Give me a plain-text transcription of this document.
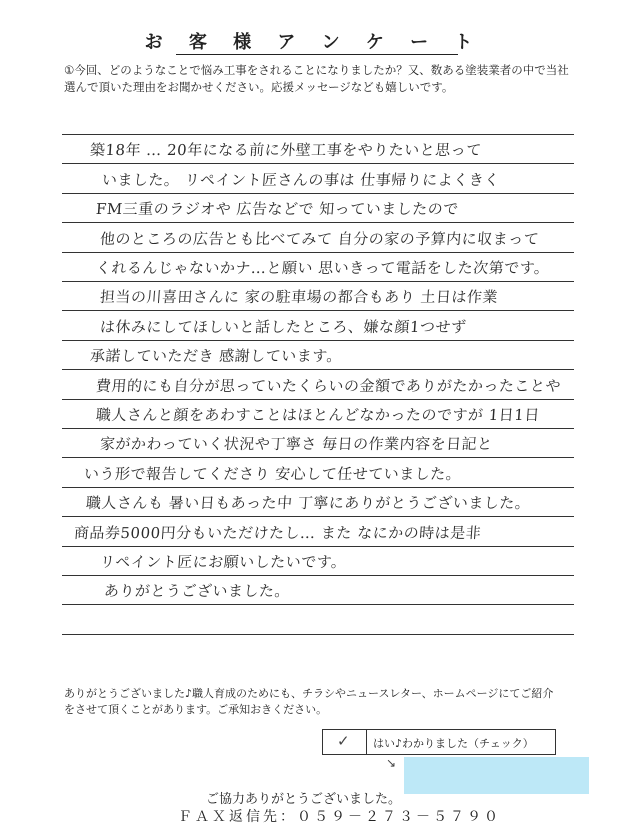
お 客 様 ア ン ケ ー ト
①今回、どのようなことで悩み工事をされることになりましたか？又、数ある塗装業者の中で当社選んで頂いた理由をお聞かせください。応援メッセージなども嬉しいです。
築18年 … 20年になる前に外壁工事をやりたいと思って
いました。 リペイント匠さんの事は 仕事帰りによくきく
FM三重のラジオや 広告などで 知っていましたので
他のところの広告とも比べてみて 自分の家の予算内に収まって
くれるんじゃないかナ…と願い 思いきって電話をした次第です。
担当の川喜田さんに 家の駐車場の都合もあり 土日は作業
は休みにしてほしいと話したところ、嫌な顔1つせず
承諾していただき 感謝しています。
費用的にも自分が思っていたくらいの金額でありがたかったことや
職人さんと顔をあわすことはほとんどなかったのですが 1日1日
家がかわっていく状況や丁寧さ 毎日の作業内容を日記と
いう形で報告してくださり 安心して任せていました。
職人さんも 暑い日もあった中 丁寧にありがとうございました。
商品券5000円分もいただけたし… また なにかの時は是非
リペイント匠にお願いしたいです。
ありがとうございました。
ありがとうございました♪職人育成のためにも、チラシやニュースレター、ホームページにてご紹介をさせて頂くことがあります。ご承知おきください。
✓ はい♪わかりました（チェック）
↘
ご協力ありがとうございました。
ＦＡＸ返信先：０５９－２７３－５７９０
